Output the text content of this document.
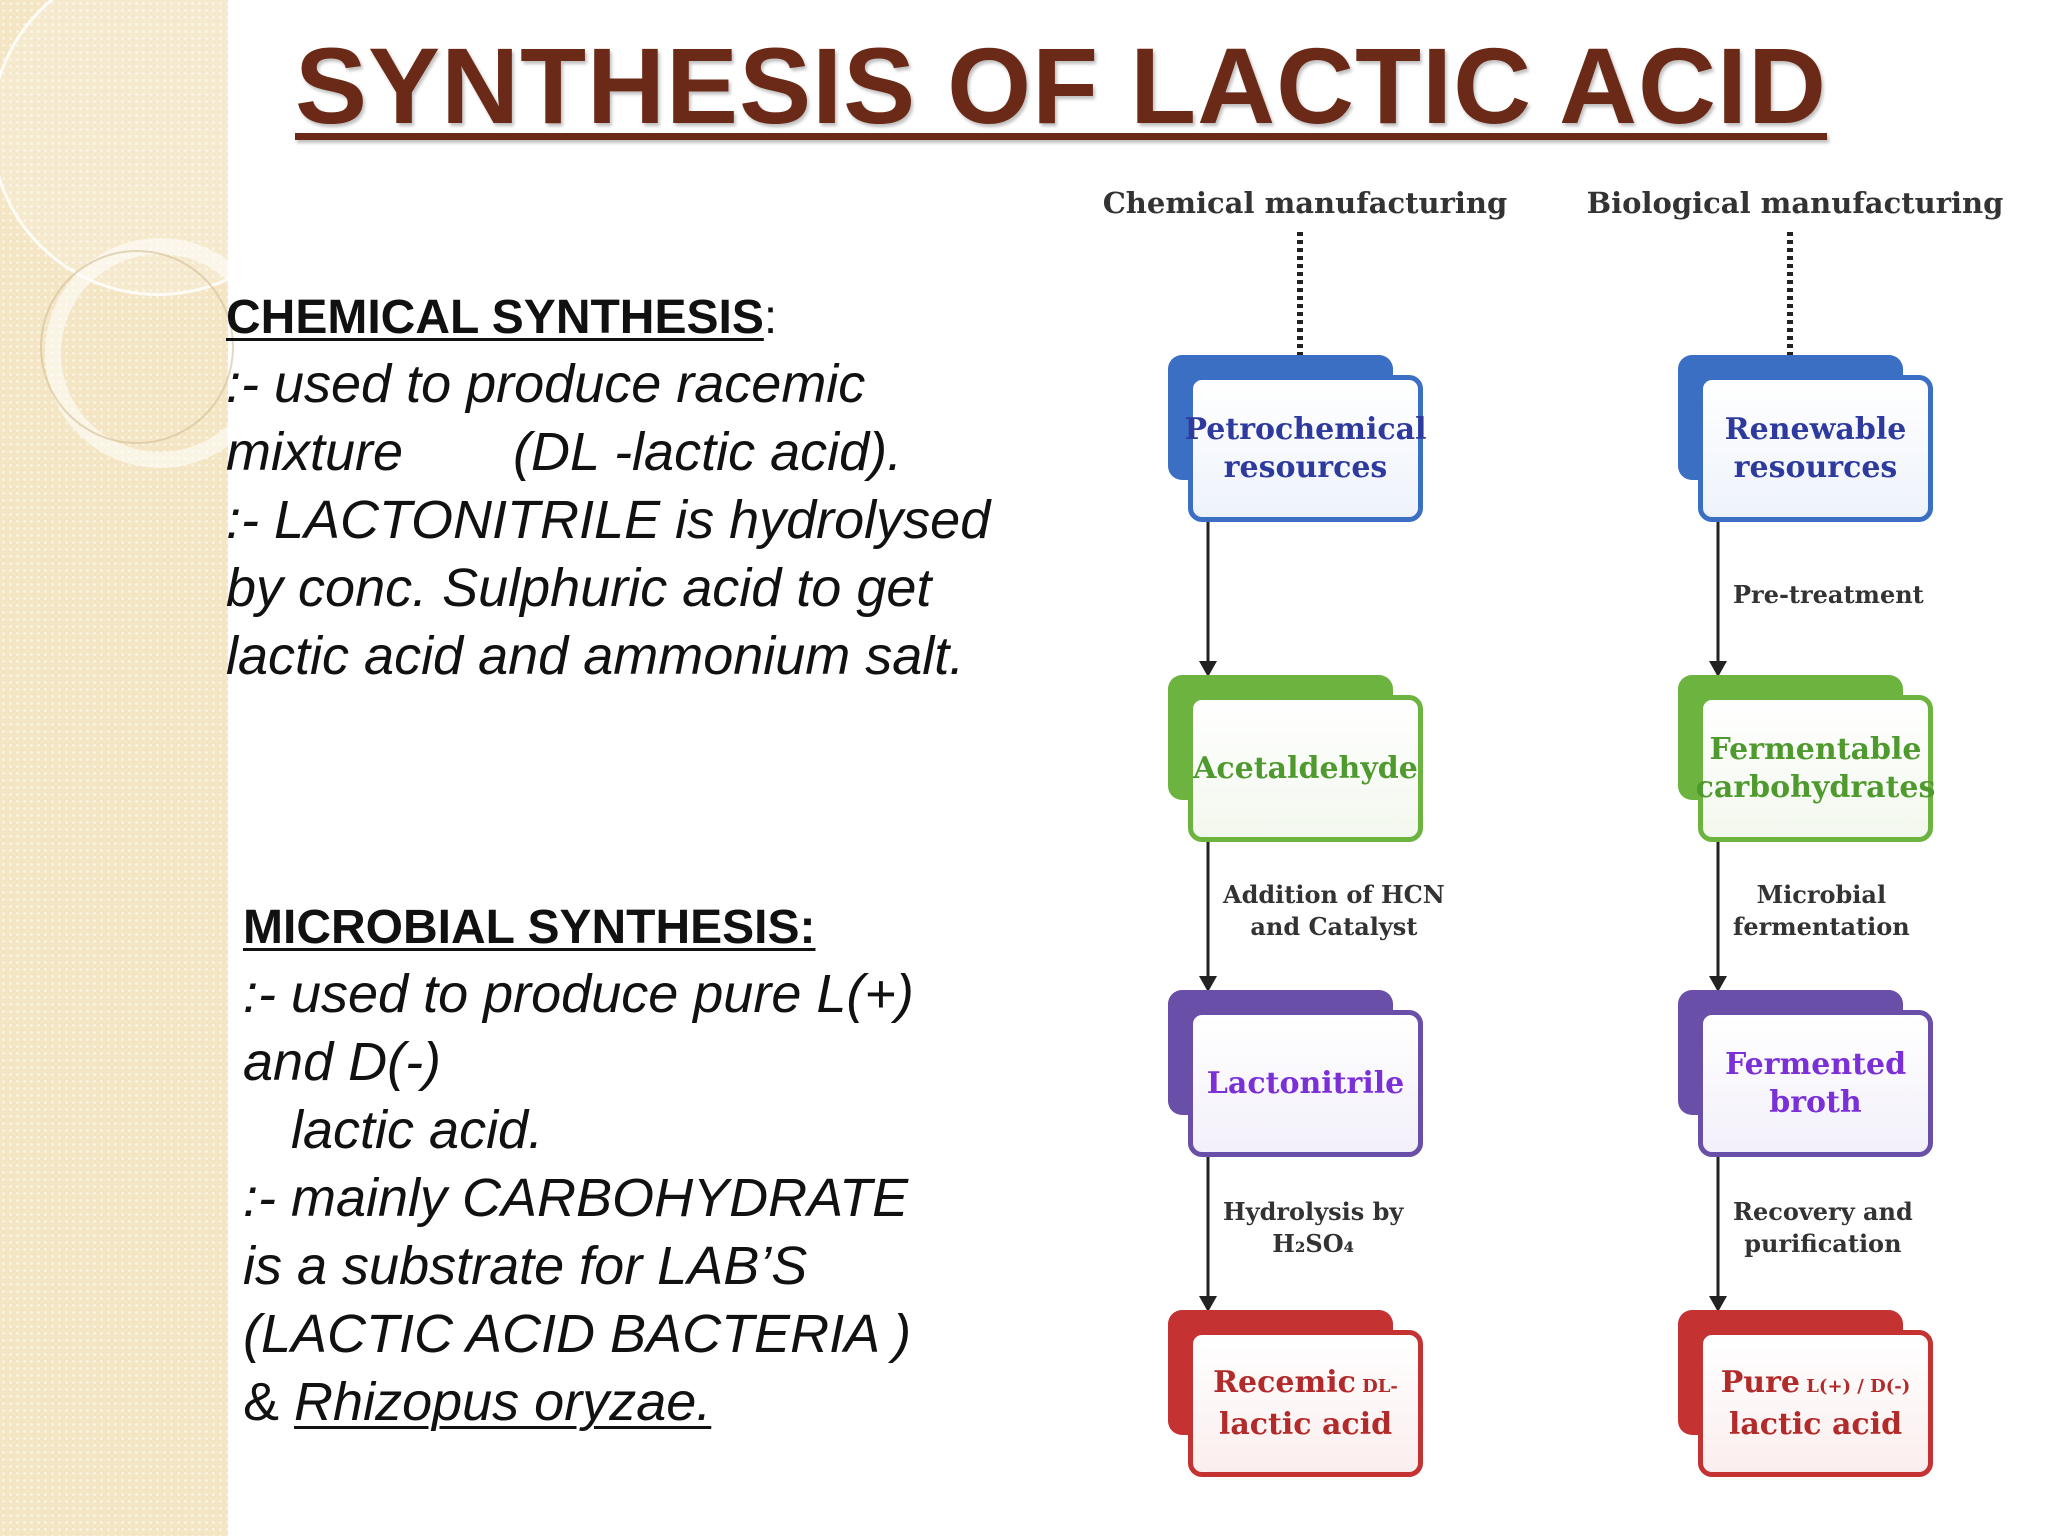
SYNTHESIS OF LACTIC ACID
CHEMICAL SYNTHESIS:
:- used to produce racemic
mixture (DL -lactic acid).
:- LACTONITRILE is hydrolysed
by conc. Sulphuric acid to get
lactic acid and ammonium salt.
MICROBIAL SYNTHESIS:
:- used to produce pure L(+)
and D(-)
lactic acid.
:- mainly CARBOHYDRATE
is a substrate for LAB’S
(LACTIC ACID BACTERIA )
& Rhizopus oryzae.
Chemical manufacturing
Petrochemical
resources
Acetaldehyde
Addition of HCN
and Catalyst
Lactonitrile
Hydrolysis by
H₂SO₄
Recemic DL-
lactic acid
Biological manufacturing
Renewable
resources
Pre-treatment
Fermentable
carbohydrates
Microbial
fermentation
Fermented
broth
Recovery and
purification
Pure L(+) / D(-)
lactic acid
